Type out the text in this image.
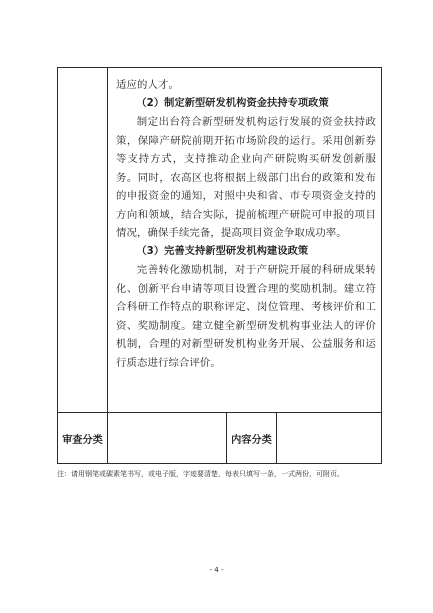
适应的人才。

（2）制定新型研发机构资金扶持专项政策

制定出台符合新型研发机构运行发展的资金扶持政策，保障产研院前期开拓市场阶段的运行。采用创新券等支持方式，支持推动企业向产研院购买研发创新服务。同时，农高区也将根据上级部门出台的政策和发布的申报资金的通知，对照中央和省、市专项资金支持的方向和领域，结合实际，提前梳理产研院可申报的项目情况，确保手续完备，提高项目资金争取成功率。

（3）完善支持新型研发机构建设政策

完善转化激励机制，对于产研院开展的科研成果转化、创新平台申请等项目设置合理的奖励机制。建立符合科研工作特点的职称评定、岗位管理、考核评价和工资、奖励制度。建立健全新型研发机构事业法人的评价机制，合理的对新型研发机构业务开展、公益服务和运行质态进行综合评价。

审查分类	内容分类
注：请用钢笔或碳素笔书写，或电子版，字迹要清楚，每表只填写一条，一式两份，可附页。
- 4 -
